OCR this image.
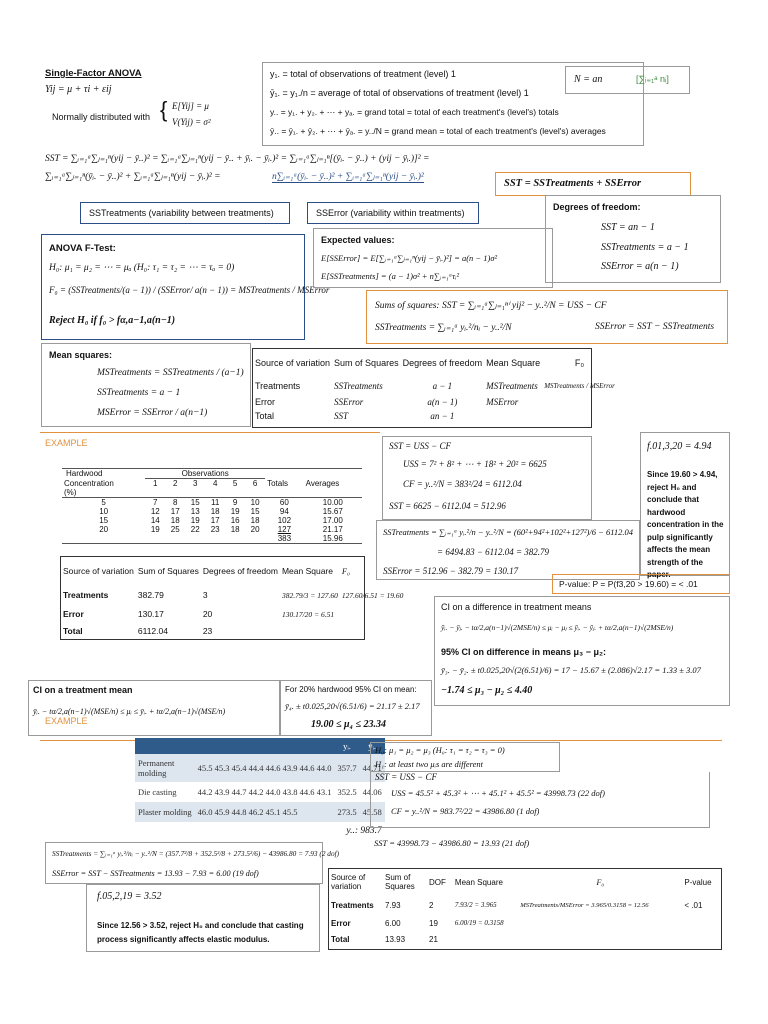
Single-Factor ANOVA
Yij = μ + τi + εij
Normally distributed with { E[Yij] = μ
V(Yij) = σ²
y₁. = total of observations of treatment (level) 1
ȳ₁. = y₁./n = average of total of observations of treatment (level) 1
y.. = y₁. + y₂. + ⋯ + yₐ. = grand total = total of each treatment's (level's) totals
ȳ.. = ȳ₁. + ȳ₂. + ⋯ + ȳₐ. = y../N = grand mean = total of each treatment's (level's) averages
N = an	[∑ᵢ₌₁ᵃ nᵢ]
SST = ∑ᵢ₌₁ᵃ∑ⱼ₌₁ⁿ(yij − ȳ..)² = ∑ᵢ₌₁ᵃ∑ⱼ₌₁ⁿ(yij − ȳ.. + ȳᵢ. − ȳᵢ.)² = ∑ᵢ₌₁ᵃ∑ⱼ₌₁ⁿ[(ȳᵢ. − ȳ..) + (yij − ȳᵢ.)]² =
∑ᵢ₌₁ᵃ∑ⱼ₌₁ⁿ(ȳᵢ. − ȳ..)² + ∑ᵢ₌₁ᵃ∑ⱼ₌₁ⁿ(yij − ȳᵢ.)² =	n∑ᵢ₌₁ᵃ(ȳᵢ. − ȳ..)² + ∑ᵢ₌₁ᵃ∑ⱼ₌₁ⁿ(yij − ȳᵢ.)²
SST = SSTreatments + SSError
SSTreatments (variability between treatments)	SSError (variability within treatments)
Degrees of freedom:
SST = an − 1
SSTreatments = a − 1
SSError = a(n − 1)
ANOVA F-Test:
H₀: μ₁ = μ₂ = ⋯ = μₐ (H₀: τ₁ = τ₂ = ⋯ = τₐ = 0)
F₀ = (SSTreatments/(a − 1)) / (SSError/ a(n − 1)) = MSTreatments / MSError
Reject H₀ if f₀ > fα,a−1,a(n−1)
Expected values:
E[SSError] = E[∑ᵢ₌₁ᵃ∑ⱼ₌₁ⁿ(yij − ȳᵢ.)²] = a(n − 1)σ²
E[SSTreatments] = (a − 1)σ² + n∑ᵢ₌₁ᵃτᵢ²
Sums of squares: SST = ∑ᵢ₌₁ᵃ∑ⱼ₌₁ⁿⁱ yij² − y..²/N = USS − CF
SSTreatments = ∑ᵢ₌₁ᵃ yᵢ.²/nᵢ − y..²/N	SSError = SST − SSTreatments
Mean squares:
MSTreatments = SSTreatments / (a−1)
SSTreatments = a − 1
MSError = SSError / a(n−1)
Source of variation	Sum of Squares	Degrees of freedom	Mean Square	F₀
Treatments	SSTreatments	a − 1	MSTreatments	MSTreatments / MSError
Error	SSError	a(n − 1)	MSError	
Total	SST	an − 1		
EXAMPLE
Hardwood	Observations							
Concentration	1	2	3	4	5	6	Totals	Averages
(%)								
5	7	8	15	11	9	10	60	10.00
10	12	17	13	18	19	15	94	15.67
15	14	18	19	17	16	18	102	17.00
20	19	25	22	23	18	20	127	21.17
							383	15.96
SST = USS − CF
USS = 7² + 8² + ⋯ + 18² + 20² = 6625
CF = y..²/N = 383²/24 = 6112.04
SST = 6625 − 6112.04 = 512.96
f.01,3,20 = 4.94
Since 19.60 > 4.94, reject H₀ and conclude that hardwood concentration in the pulp significantly affects the mean strength of the paper.
SSTreatments = ∑ᵢ₌₁ᵃ yᵢ.²/n − y..²/N = (60²+94²+102²+127²)/6 − 6112.04
= 6494.83 − 6112.04 = 382.79
SSError = 512.96 − 382.79 = 130.17
P-value: P = P(f3,20 > 19.60) = < .01
Source of variation	Sum of Squares	Degrees of freedom	Mean Square	F₀
Treatments	382.79	3	382.79/3 = 127.60	127.60/6.51 = 19.60
Error	130.17	20	130.17/20 = 6.51	
Total	6112.04	23		
CI on a difference in treatment means
ȳᵢ. − ȳⱼ. − tα/2,a(n−1)√(2MSE/n) ≤ μᵢ − μⱼ ≤ ȳᵢ. − ȳⱼ. + tα/2,a(n−1)√(2MSE/n)
95% CI on difference in means μ₃ − μ₂:
ȳ₃. − ȳ₂. ± t0.025,20√(2(6.51)/6) = 17 − 15.67 ± (2.086)√2.17 = 1.33 ± 3.07
−1.74 ≤ μ₃ − μ₂ ≤ 4.40
CI on a treatment mean
ȳᵢ. − tα/2,a(n−1)√(MSE/n) ≤ μᵢ ≤ ȳᵢ. + tα/2,a(n−1)√(MSE/n)
For 20% hardwood 95% CI on mean:
ȳ₄. ± t0.025,20√(6.51/6) = 21.17 ± 2.17
19.00 ≤ μ₄ ≤ 23.34
EXAMPLE
		yᵢ.	ȳᵢ.
Permanent molding	45.5 45.3 45.4 44.4 44.6 43.9 44.6 44.0	357.7	44.71
Die casting	44.2 43.9 44.7 44.2 44.0 43.8 44.6 43.1	352.5	44.06
Plaster molding	46.0 45.9 44.8 46.2 45.1 45.5	273.5	45.58
y..: 983.7			
H₀: μ₁ = μ₂ = μ₃ (H₀: τ₁ = τ₂ = τ₃ = 0)
H₁: at least two μᵢs are different
SST = USS − CF
USS = 45.5² + 45.3² + ⋯ + 45.1² + 45.5² = 43998.73 (22 dof)
CF = y..²/N = 983.7²/22 = 43986.80 (1 dof)
SST = 43998.73 − 43986.80 = 13.93 (21 dof)
SSTreatments = ∑ᵢ₌₁ᵃ yᵢ.²/nᵢ − y..²/N = (357.7²/8 + 352.5²/8 + 273.5²/6) − 43986.80 = 7.93 (2 dof)
SSError = SST − SSTreatments = 13.93 − 7.93 = 6.00 (19 dof)
f.05,2,19 = 3.52
Since 12.56 > 3.52, reject H₀ and conclude that casting process significantly affects elastic modulus.
Source of variation	Sum of Squares	DOF	Mean Square	F₀	P-value
Treatments	7.93	2	7.93/2 = 3.965	MSTreatments/MSError = 3.965/0.3158 = 12.56	< .01
Error	6.00	19	6.00/19 = 0.3158		
Total	13.93	21			
